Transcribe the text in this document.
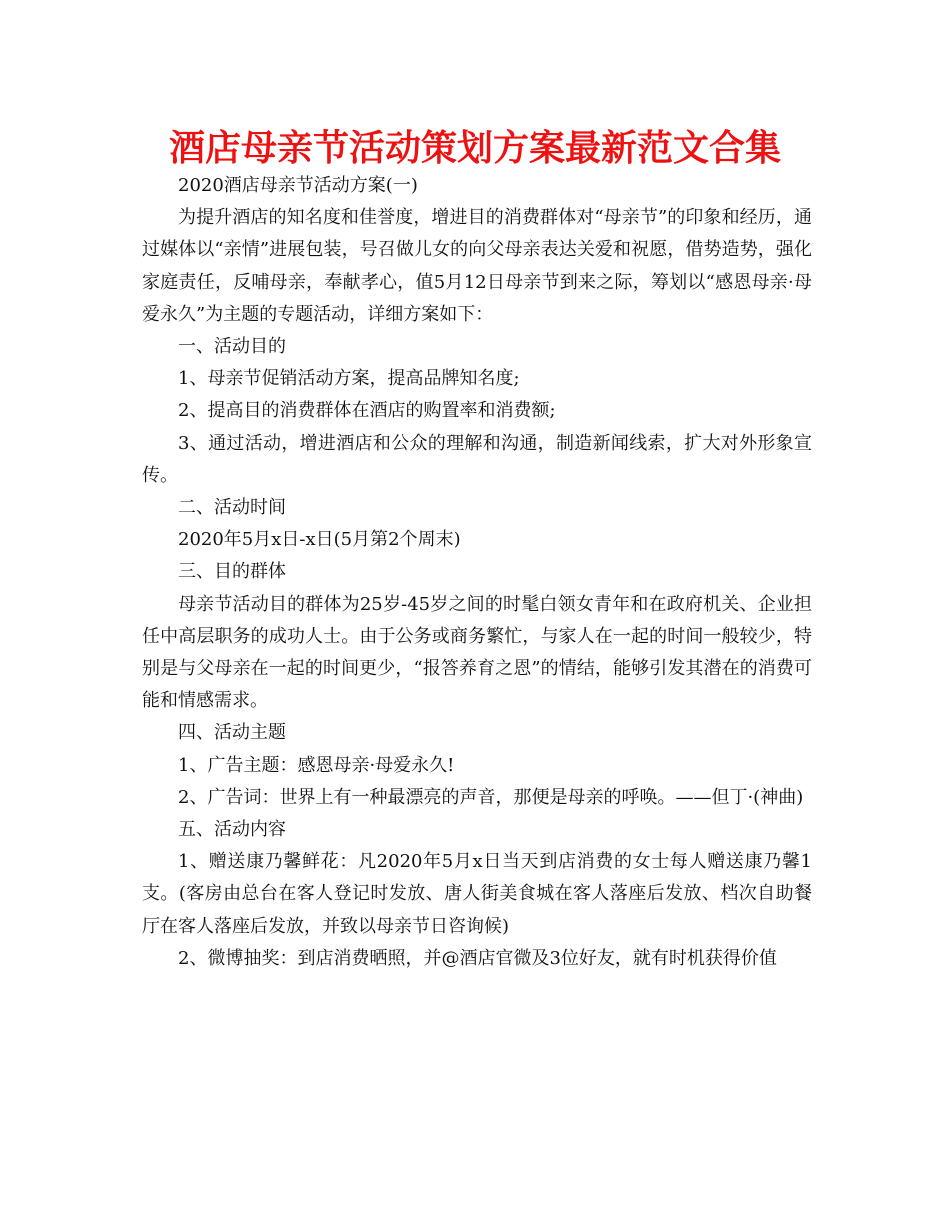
酒店母亲节活动策划方案最新范文合集

2020酒店母亲节活动方案(一)

为提升酒店的知名度和佳誉度，增进目的消费群体对“母亲节”的印象和经历，通过媒体以“亲情”进展包装，号召做儿女的向父母亲表达关爱和祝愿，借势造势，强化家庭责任，反哺母亲，奉献孝心，值5月12日母亲节到来之际，筹划以“感恩母亲·母爱永久”为主题的专题活动，详细方案如下：

一、活动目的

1、母亲节促销活动方案，提高品牌知名度;

2、提高目的消费群体在酒店的购置率和消费额;

3、通过活动，增进酒店和公众的理解和沟通，制造新闻线索，扩大对外形象宣传。

二、活动时间

2020年5月x日-x日(5月第2个周末)

三、目的群体

母亲节活动目的群体为25岁-45岁之间的时髦白领女青年和在政府机关、企业担任中高层职务的成功人士。由于公务或商务繁忙，与家人在一起的时间一般较少，特别是与父母亲在一起的时间更少，“报答养育之恩”的情结，能够引发其潜在的消费可能和情感需求。

四、活动主题

1、广告主题：感恩母亲·母爱永久!

2、广告词：世界上有一种最漂亮的声音，那便是母亲的呼唤。——但丁·(神曲)

五、活动内容

1、赠送康乃馨鲜花：凡2020年5月x日当天到店消费的女士每人赠送康乃馨1支。(客房由总台在客人登记时发放、唐人街美食城在客人落座后发放、档次自助餐厅在客人落座后发放，并致以母亲节日咨询候)

2、微博抽奖：到店消费晒照，并@酒店官微及3位好友，就有时机获得价值
